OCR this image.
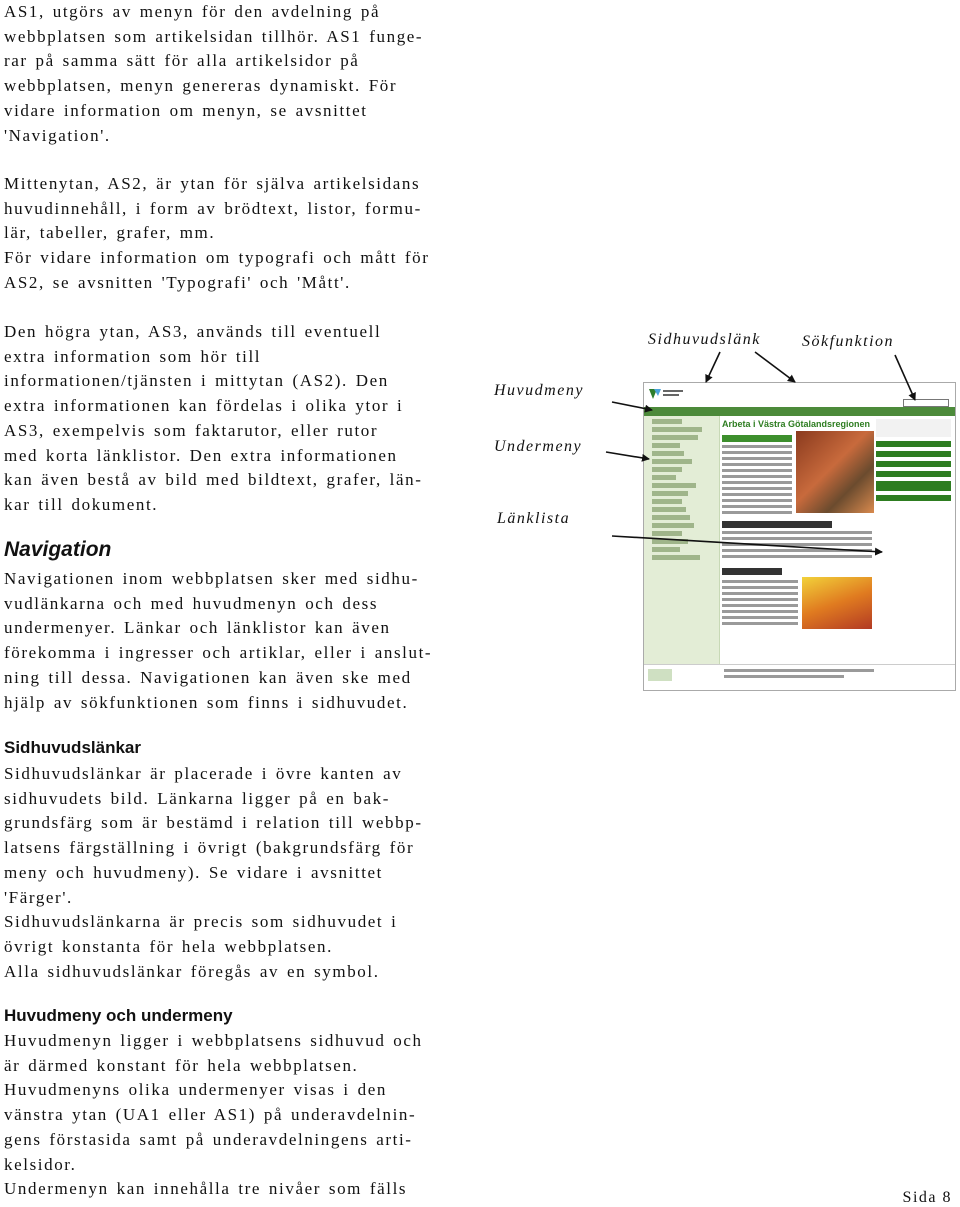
AS1, utgörs av menyn för den avdelning på
webbplatsen som artikelsidan tillhör. AS1 funge-
rar på samma sätt för alla artikelsidor på
webbplatsen, menyn genereras dynamiskt. För
vidare information om menyn, se avsnittet
'Navigation'.

Mittenytan, AS2, är ytan för själva artikelsidans
huvudinnehåll, i form av brödtext, listor, formu-
lär, tabeller, grafer, mm.
För vidare information om typografi och mått för
AS2, se avsnitten 'Typografi' och 'Mått'.

Den högra ytan, AS3, används till eventuell
extra information som hör till
informationen/tjänsten i mittytan (AS2). Den
extra informationen kan fördelas i olika ytor i
AS3, exempelvis som faktarutor, eller rutor
med korta länklistor. Den extra informationen
kan även bestå av bild med bildtext, grafer, län-
kar till dokument.

Navigation

Navigationen inom webbplatsen sker med sidhu-
vudlänkarna och med huvudmenyn och dess
undermenyer. Länkar och länklistor kan även
förekomma i ingresser och artiklar, eller i anslut-
ning till dessa. Navigationen kan även ske med
hjälp av sökfunktionen som finns i sidhuvudet.

Sidhuvudslänkar

Sidhuvudslänkar är placerade i övre kanten av
sidhuvudets bild. Länkarna ligger på en bak-
grundsfärg som är bestämd i relation till webbp-
latsens färgställning i övrigt (bakgrundsfärg för
meny och huvudmeny). Se vidare i avsnittet
'Färger'.
Sidhuvudslänkarna är precis som sidhuvudet i
övrigt konstanta för hela webbplatsen.
Alla sidhuvudslänkar föregås av en symbol.

Huvudmeny och undermeny

Huvudmenyn ligger i webbplatsens sidhuvud och
är därmed konstant för hela webbplatsen.
Huvudmenyns olika undermenyer visas i den
vänstra ytan (UA1 eller AS1) på underavdelnin-
gens förstasida samt på underavdelningens arti-
kelsidor.
Undermenyn kan innehålla tre nivåer som fälls

Sidhuvudslänk	Sökfunktion
Huvudmeny
Undermeny
Länklista
Arbeta i Västra Götalandsregionen
Sida 8
